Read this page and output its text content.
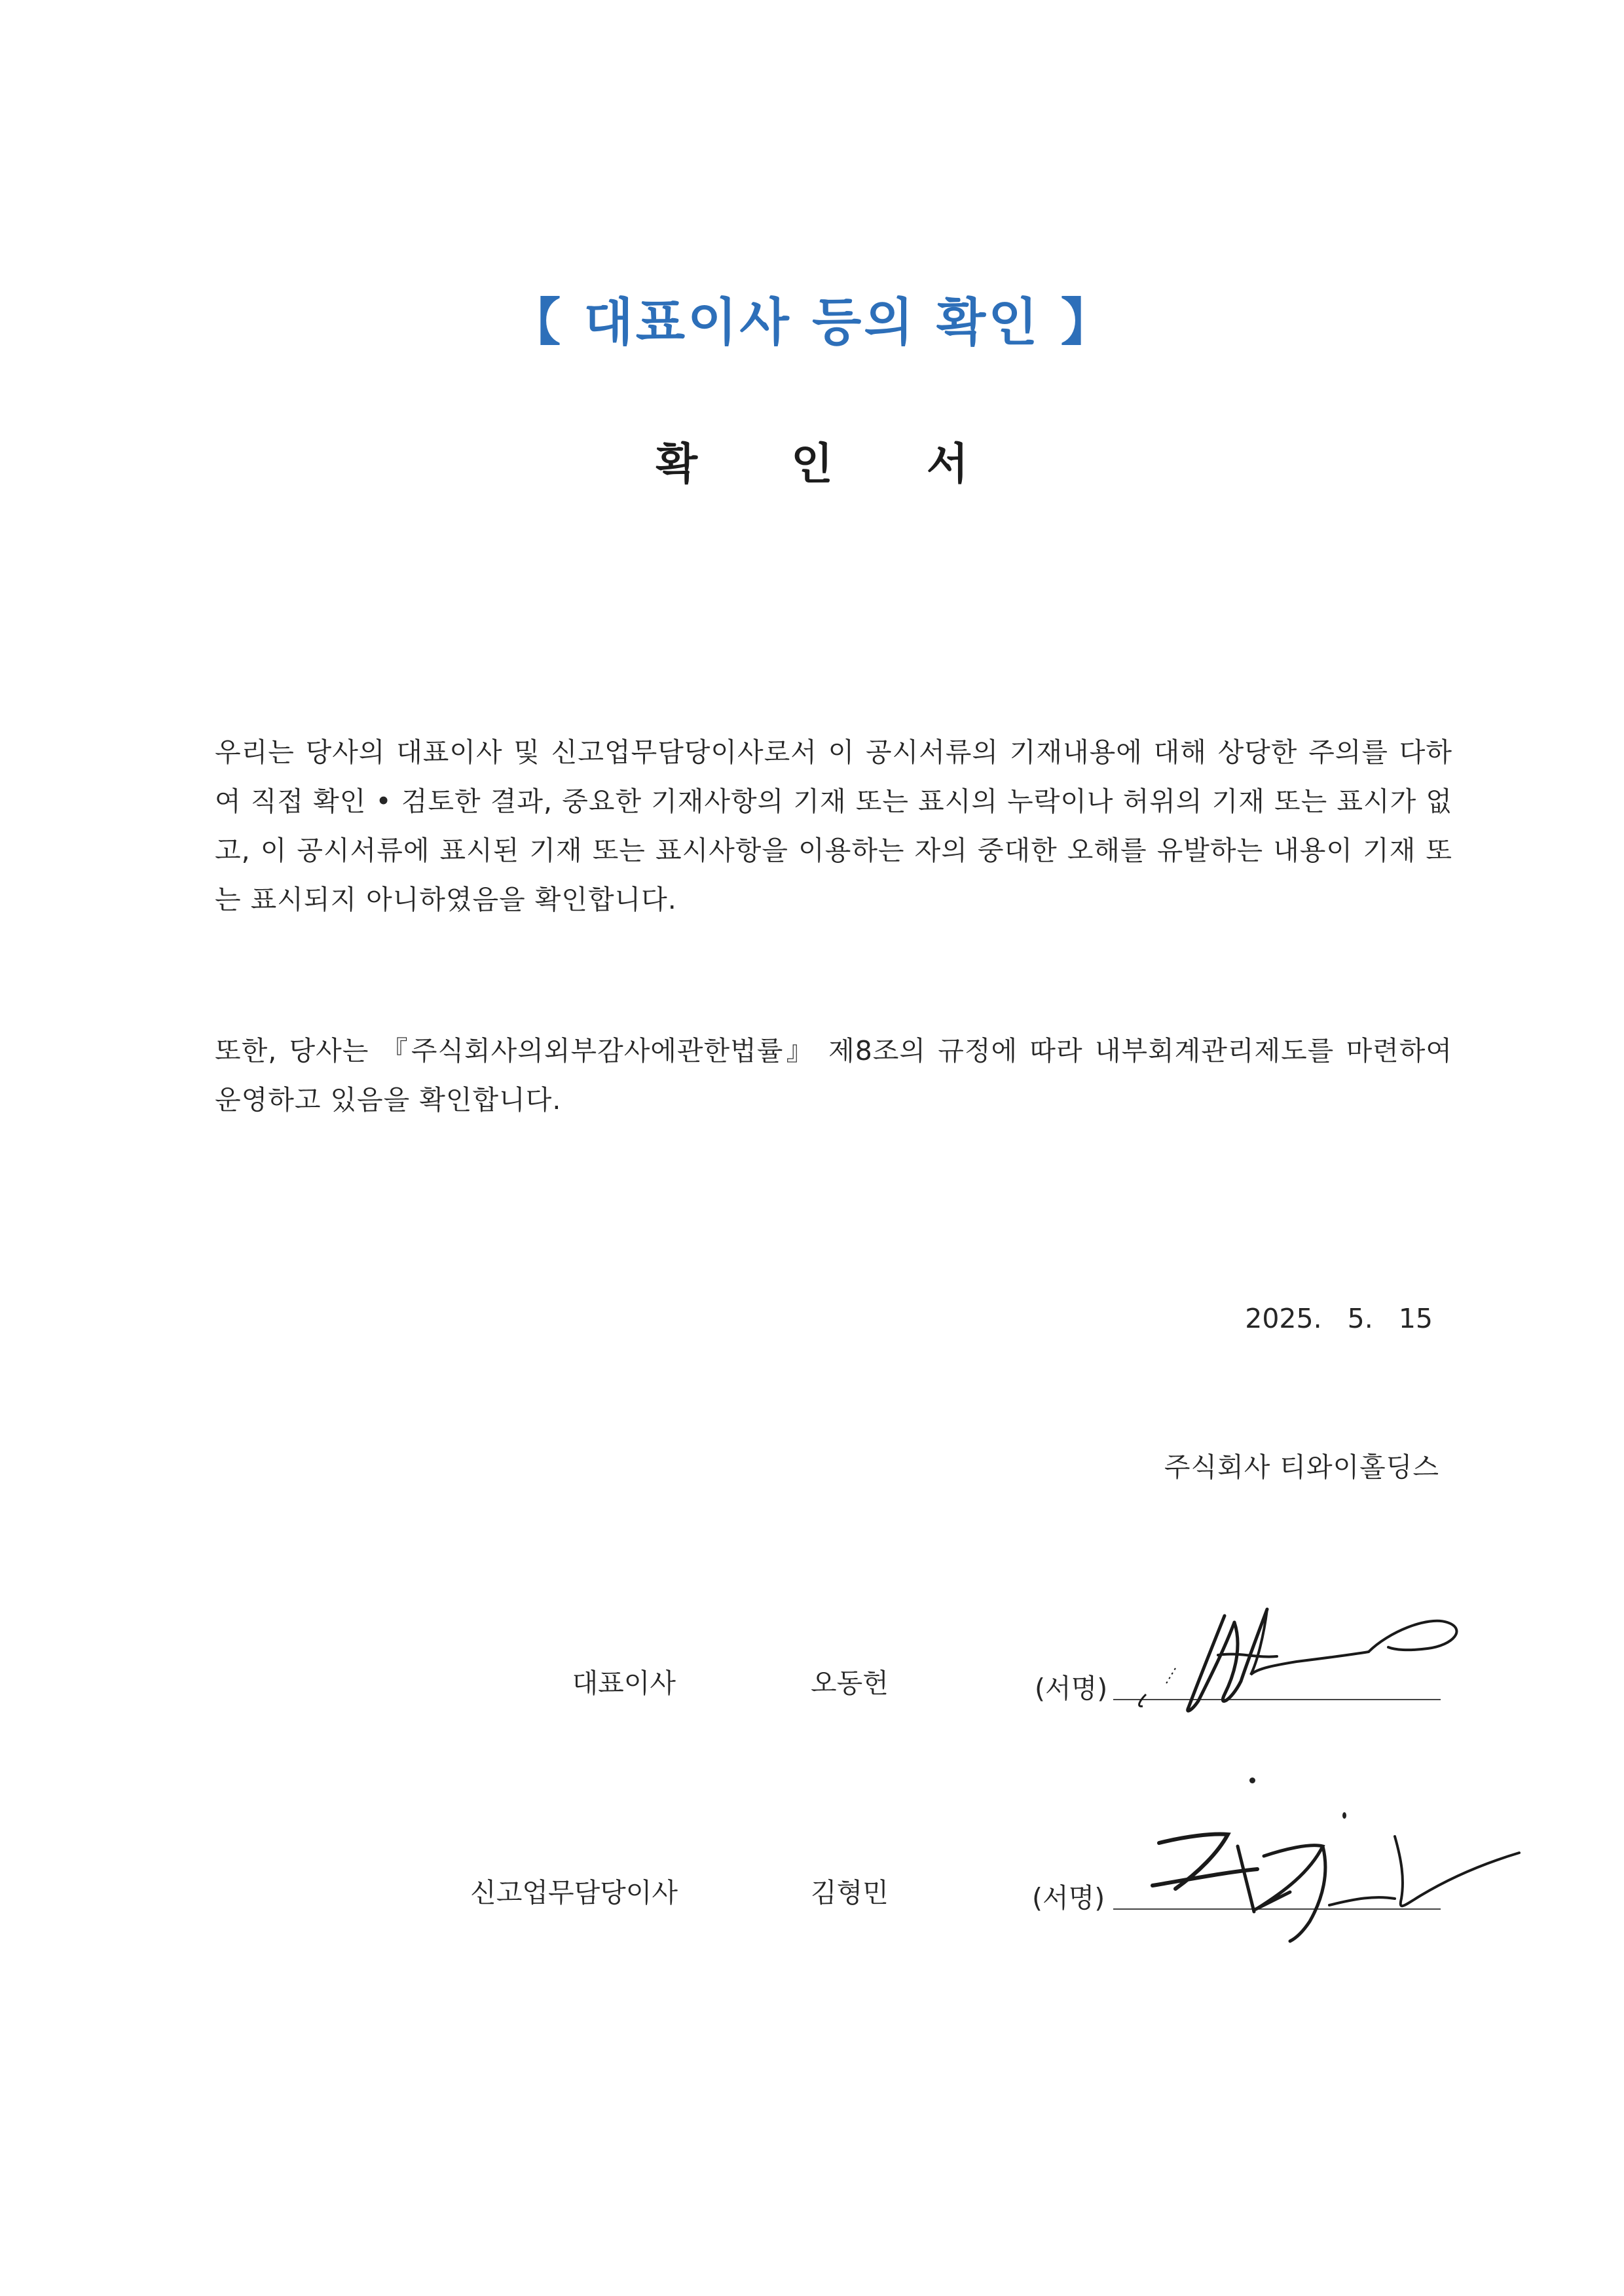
【 대표이사 등의 확인 】
확 인 서
우리는 당사의 대표이사 및 신고업무담당이사로서 이 공시서류의 기재내용에 대해 상당한 주의를 다하여 직접 확인 • 검토한 결과, 중요한 기재사항의 기재 또는 표시의 누락이나 허위의 기재 또는 표시가 없고, 이 공시서류에 표시된 기재 또는 표시사항을 이용하는 자의 중대한 오해를 유발하는 내용이 기재 또는 표시되지 아니하였음을 확인합니다.
또한, 당사는 『주식회사의외부감사에관한법률』 제8조의 규정에 따라 내부회계관리제도를 마련하여 운영하고 있음을 확인합니다.
2025. 5. 15
주식회사 티와이홀딩스
대표이사	오동헌	(서명)
신고업무담당이사	김형민	(서명)
